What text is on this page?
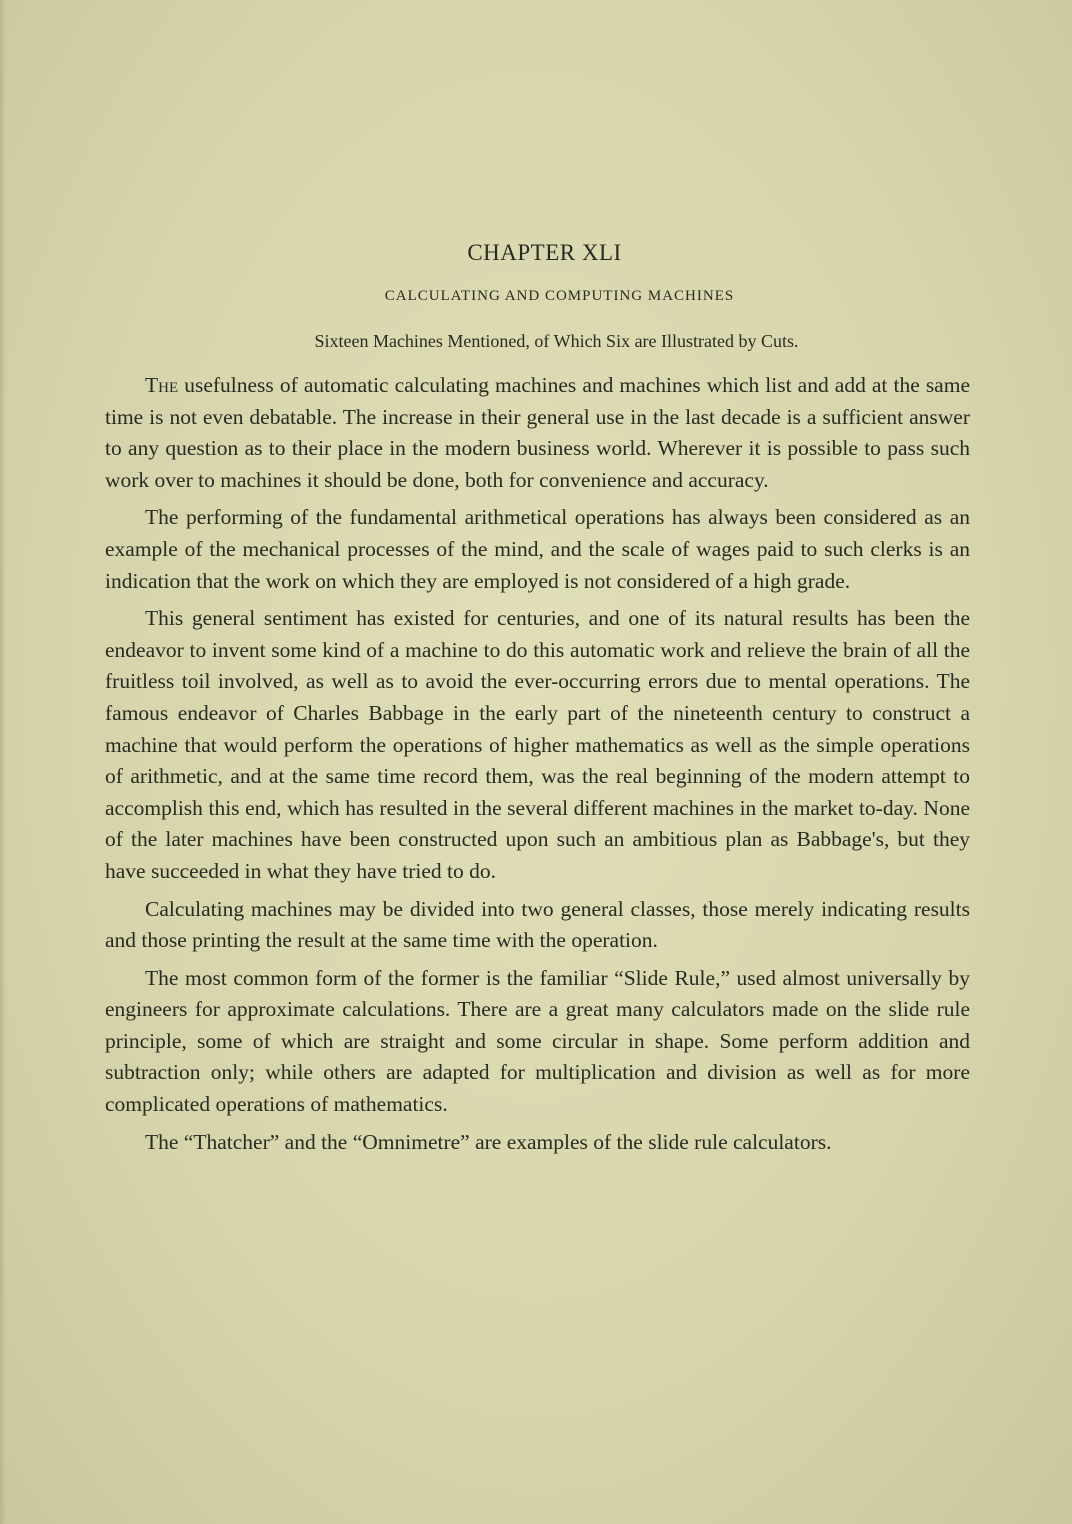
CHAPTER XLI
CALCULATING AND COMPUTING MACHINES

Sixteen Machines Mentioned, of Which Six are Illustrated by Cuts.

The usefulness of automatic calculating machines and machines which list and add at the same time is not even debatable. The increase in their general use in the last decade is a sufficient answer to any question as to their place in the modern business world. Wherever it is possible to pass such work over to machines it should be done, both for convenience and accuracy.

The performing of the fundamental arithmetical operations has always been considered as an example of the mechanical processes of the mind, and the scale of wages paid to such clerks is an indication that the work on which they are employed is not considered of a high grade.

This general sentiment has existed for centuries, and one of its natural results has been the endeavor to invent some kind of a machine to do this automatic work and relieve the brain of all the fruitless toil involved, as well as to avoid the ever-occurring errors due to mental operations. The famous endeavor of Charles Babbage in the early part of the nineteenth century to construct a machine that would perform the operations of higher mathematics as well as the simple operations of arithmetic, and at the same time record them, was the real beginning of the modern attempt to accomplish this end, which has resulted in the several different machines in the market to-day. None of the later machines have been constructed upon such an ambitious plan as Babbage's, but they have succeeded in what they have tried to do.

Calculating machines may be divided into two general classes, those merely indicating results and those printing the result at the same time with the operation.

The most common form of the former is the familiar “Slide Rule,” used almost universally by engineers for approximate calculations. There are a great many calculators made on the slide rule principle, some of which are straight and some circular in shape. Some perform addition and subtraction only; while others are adapted for multiplication and division as well as for more complicated operations of mathematics.

The “Thatcher” and the “Omnimetre” are examples of the slide rule calculators.
